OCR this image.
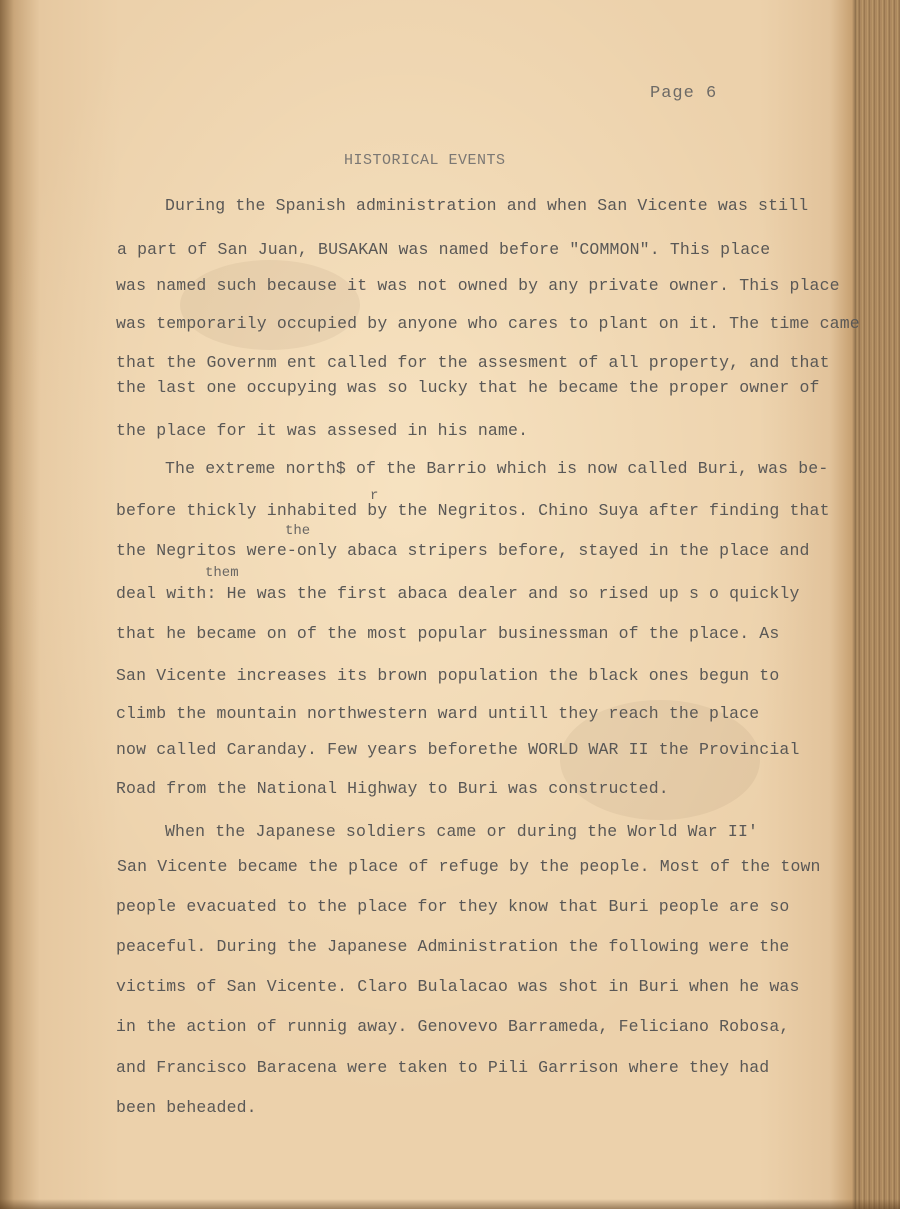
Page 6
HISTORICAL EVENTS
During the Spanish administration and when San Vicente was still
a part of San Juan, BUSAKAN was named before "COMMON". This place
was named such because it was not owned by any private owner. This place
was temporarily occupied by anyone who cares to plant on it. The time came
that the Governm ent called for the assesment of all property, and that
the last one occupying was so lucky that he became the proper owner of
the place for it was assesed in his name.
The extreme north$ of the Barrio which is now called Buri, was be-
r
before thickly inhabited by the Negritos. Chino Suya after finding that
the
the Negritos were-only abaca stripers before, stayed in the place and
them
deal with: He was the first abaca dealer and so rised up s o quickly
that he became on of the most popular businessman of the place. As
San Vicente increases its brown population the black ones begun to
climb the mountain northwestern ward untill they reach the place
now called Caranday. Few years beforethe WORLD WAR II the Provincial
Road from the National Highway to Buri was constructed.
When the Japanese soldiers came or during the World War II'
San Vicente became the place of refuge by the people. Most of the town
people evacuated to the place for they know that Buri people are so
peaceful. During the Japanese Administration the following were the
victims of San Vicente. Claro Bulalacao was shot in Buri when he was
in the action of runnig away. Genovevo Barrameda, Feliciano Robosa,
and Francisco Baracena were taken to Pili Garrison where they had
been beheaded.
